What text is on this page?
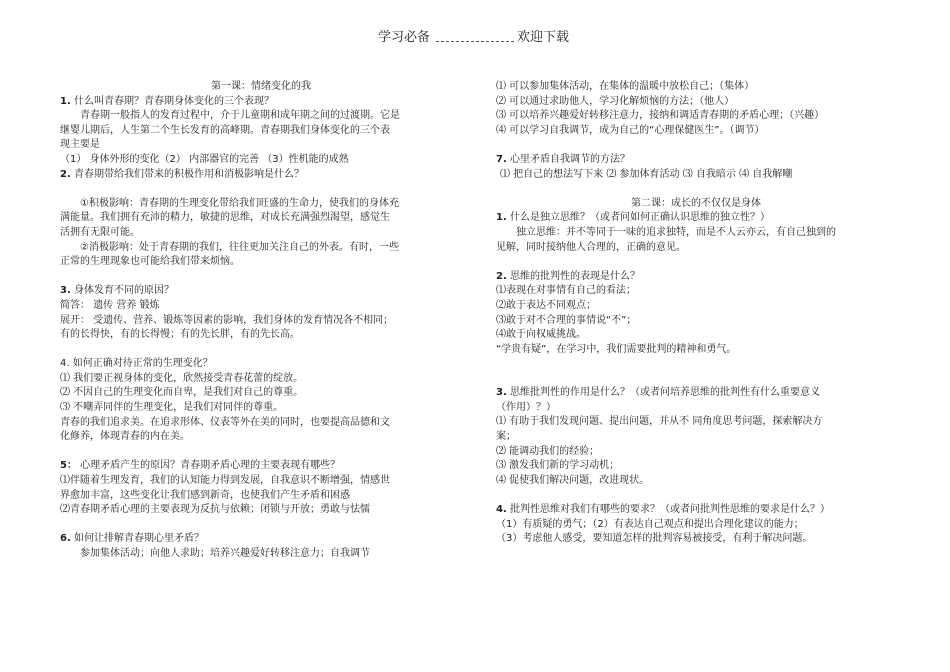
学习必备	欢迎下载
第一课：情绪变化的我
1. 什么叫青春期？青春期身体变化的三个表现？
青春期一般指人的发育过程中，介于儿童期和成年期之间的过渡期。它是
继婴儿期后，人生第二个生长发育的高峰期。青春期我们身体变化的三个表
现主要是
（1） 身体外形的变化（2） 内部器官的完善 （3）性机能的成熟
2. 青春期带给我们带来的积极作用和消极影响是什么？
①积极影响：青春期的生理变化带给我们旺盛的生命力，使我们的身体充
满能量。我们拥有充沛的精力，敏捷的思维，对成长充满强烈渴望，感觉生
活拥有无限可能。
②消极影响：处于青春期的我们，往往更加关注自己的外表。有时，一些
正常的生理现象也可能给我们带来烦恼。
3. 身体发育不同的原因？
简答： 遗传 营养 锻炼
展开： 受遗传、营养、锻炼等因素的影响，我们身体的发育情况各不相同；
有的长得快，有的长得慢；有的先长胖，有的先长高。
4. 如何正确对待正常的生理变化？
⑴ 我们要正视身体的变化，欣然接受青春花蕾的绽放。
⑵ 不因自己的生理变化而自卑，是我们对自己的尊重。
⑶ 不嘲弄同伴的生理变化，是我们对同伴的尊重。
青春的我们追求美。在追求形体、仪表等外在美的同时，也要提高品德和文
化修养，体现青春的内在美。
5： 心理矛盾产生的原因？青春期矛盾心理的主要表现有哪些？
⑴伴随着生理发育，我们的认知能力得到发展，自我意识不断增强，情感世
界愈加丰富，这些变化让我们感到新奇，也使我们产生矛盾和困惑
⑵青春期矛盾心理的主要表现为反抗与依赖；闭锁与开放；勇敢与怯懦
6. 如何让排解青春期心里矛盾？
参加集体活动；向他人求助；培养兴趣爱好转移注意力；自我调节
⑴ 可以参加集体活动，在集体的温暖中放松自己；（集体）
⑵ 可以通过求助他人，学习化解烦恼的方法；（他人）
⑶ 可以培养兴趣爱好转移注意力，接纳和调适青春期的矛盾心理；（兴趣）
⑷ 可以学习自我调节，成为自己的“心理保健医生”。（调节）
7. 心里矛盾自我调节的方法？
⑴ 把自己的想法写下来 ⑵ 参加体育活动 ⑶ 自我暗示 ⑷ 自我解嘲
第二课：成长的不仅仅是身体
1. 什么是独立思维？（或者问如何正确认识思维的独立性？）
独立思维：并不等同于一味的追求独特，而是不人云亦云，有自己独到的
见解，同时接纳他人合理的，正确的意见。
2. 思维的批判性的表现是什么？
⑴表现在对事情有自己的看法；
⑵敢于表达不同观点；
⑶敢于对不合理的事情说“不”；
⑷敢于向权威挑战。
“学贵有疑”，在学习中，我们需要批判的精神和勇气。
3. 思维批判性的作用是什么？（或者问培养思维的批判性有什么重要意义
（作用）？）
⑴ 有助于我们发现问题、提出问题，并从不 同角度思考问题，探索解决方
案；
⑵ 能调动我们的经验；
⑶ 激发我们新的学习动机；
⑷ 促使我们解决问题，改进现状。
4. 批判性思维对我们有哪些的要求？（或者问批判性思维的要求是什么？）
（1）有质疑的勇气；（2）有表达自己观点和提出合理化建议的能力；
（3）考虑他人感受，要知道怎样的批判容易被接受，有利于解决问题。
